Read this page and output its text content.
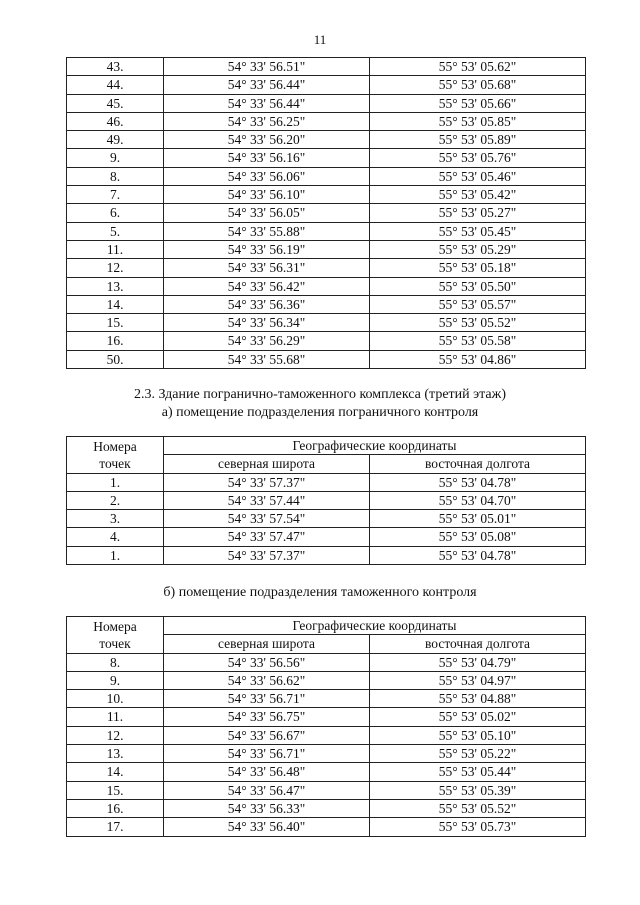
11
43.	54° 33' 56.51"	55° 53' 05.62"
44.	54° 33' 56.44"	55° 53' 05.68"
45.	54° 33' 56.44"	55° 53' 05.66"
46.	54° 33' 56.25"	55° 53' 05.85"
49.	54° 33' 56.20"	55° 53' 05.89"
9.	54° 33' 56.16"	55° 53' 05.76"
8.	54° 33' 56.06"	55° 53' 05.46"
7.	54° 33' 56.10"	55° 53' 05.42"
6.	54° 33' 56.05"	55° 53' 05.27"
5.	54° 33' 55.88"	55° 53' 05.45"
11.	54° 33' 56.19"	55° 53' 05.29"
12.	54° 33' 56.31"	55° 53' 05.18"
13.	54° 33' 56.42"	55° 53' 05.50"
14.	54° 33' 56.36"	55° 53' 05.57"
15.	54° 33' 56.34"	55° 53' 05.52"
16.	54° 33' 56.29"	55° 53' 05.58"
50.	54° 33' 55.68"	55° 53' 04.86"
2.3. Здание погранично-таможенного комплекса (третий этаж)
а) помещение подразделения пограничного контроля
Номера
точек	Географические координаты	
	северная широта	восточная долгота
1.	54° 33' 57.37"	55° 53' 04.78"
2.	54° 33' 57.44"	55° 53' 04.70"
3.	54° 33' 57.54"	55° 53' 05.01"
4.	54° 33' 57.47"	55° 53' 05.08"
1.	54° 33' 57.37"	55° 53' 04.78"
б) помещение подразделения таможенного контроля
Номера
точек	Географические координаты	
	северная широта	восточная долгота
8.	54° 33' 56.56"	55° 53' 04.79"
9.	54° 33' 56.62"	55° 53' 04.97"
10.	54° 33' 56.71"	55° 53' 04.88"
11.	54° 33' 56.75"	55° 53' 05.02"
12.	54° 33' 56.67"	55° 53' 05.10"
13.	54° 33' 56.71"	55° 53' 05.22"
14.	54° 33' 56.48"	55° 53' 05.44"
15.	54° 33' 56.47"	55° 53' 05.39"
16.	54° 33' 56.33"	55° 53' 05.52"
17.	54° 33' 56.40"	55° 53' 05.73"
